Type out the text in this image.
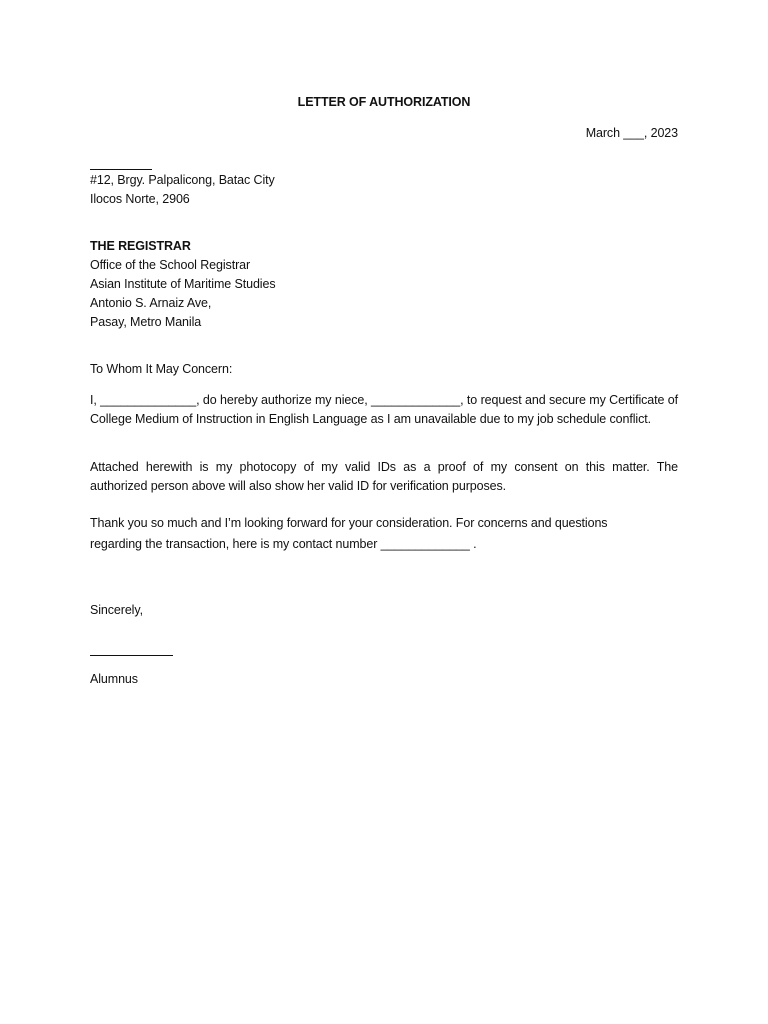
LETTER OF AUTHORIZATION
March ___, 2023
#12, Brgy. Palpalicong, Batac City
Ilocos Norte, 2906
THE REGISTRAR
Office of the School Registrar
Asian Institute of Maritime Studies
Antonio S. Arnaiz Ave,
Pasay, Metro Manila
To Whom It May Concern:
I, ______________, do hereby authorize my niece, _____________, to request and secure my Certificate of
College Medium of Instruction in English Language as I am unavailable due to my job schedule conflict.
Attached herewith is my photocopy of my valid IDs as a proof of my consent on this matter. The
authorized person above will also show her valid ID for verification purposes.
Thank you so much and I’m looking forward for your consideration. For concerns and questions
regarding the transaction, here is my contact number _____________ .
Sincerely,
Alumnus
